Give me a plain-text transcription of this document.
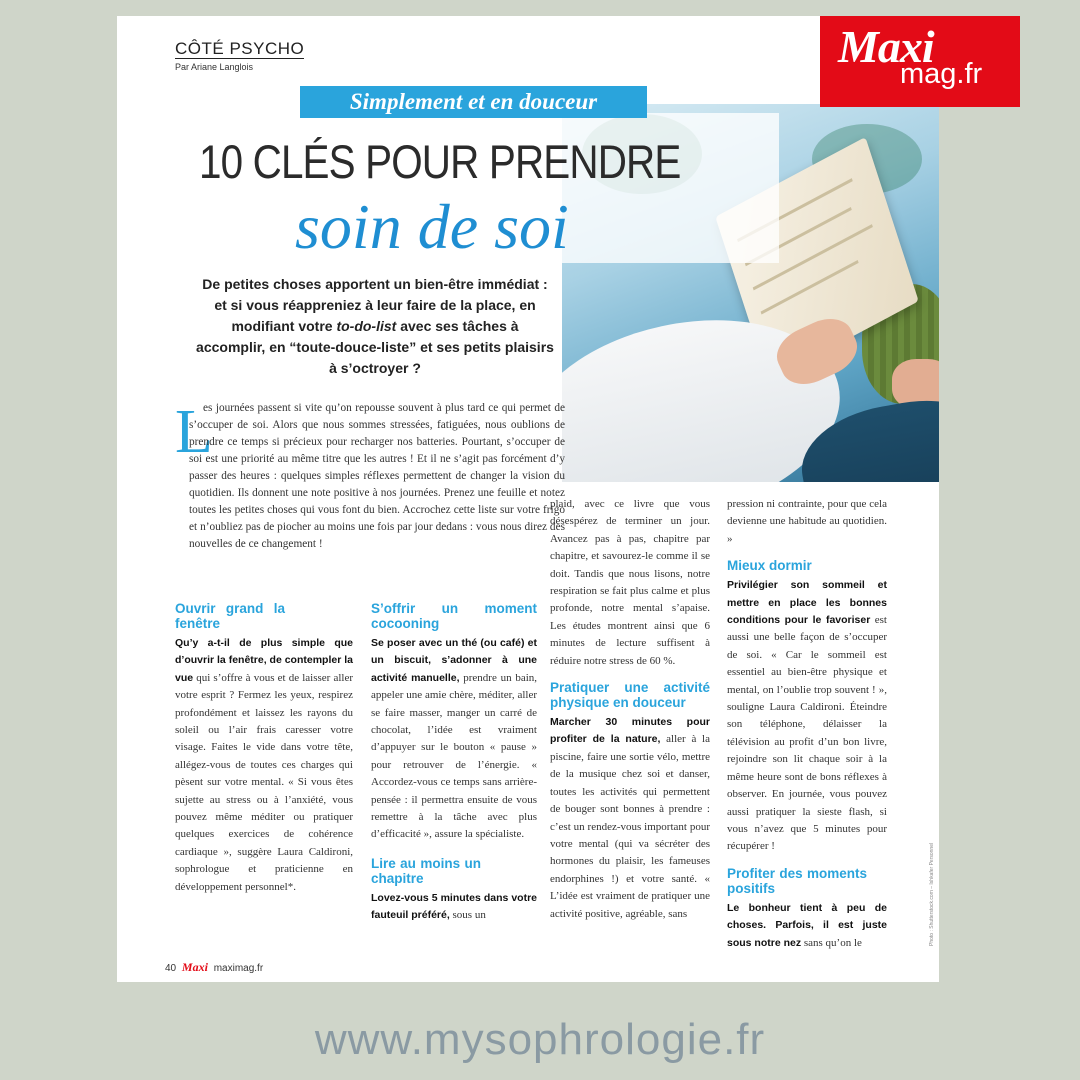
CÔTÉ PSYCHO
Par Ariane Langlois
Simplement et en douceur
10 CLÉS POUR PRENDRE
soin de soi
De petites choses apportent un bien-être immédiat : et si vous réappreniez à leur faire de la place, en modifiant votre to-do-list avec ses tâches à accomplir, en “toute-douce-liste” et ses petits plaisirs à s’octroyer ?
L

es journées passent si vite qu’on repousse souvent à plus tard ce qui permet de s’occuper de soi. Alors que nous sommes stressées, fatiguées, nous oublions de prendre ce temps si précieux pour recharger nos batteries. Pourtant, s’occuper de soi est une priorité au même titre que les autres ! Et il ne s’agit pas forcément d’y passer des heures : quelques simples réflexes permettent de changer la vision du quotidien. Ils donnent une note positive à nos journées. Prenez une feuille et notez toutes les petites choses qui vous font du bien. Accrochez cette liste sur votre frigo et n’oubliez pas de piocher au moins une fois par jour dedans : vous nous direz des nouvelles de ce changement !

Ouvrir grand la fenêtre

Qu’y a-t-il de plus simple que d’ouvrir la fenêtre, de contempler la vue qui s’offre à vous et de laisser aller votre esprit ? Fermez les yeux, respirez profondément et laissez les rayons du soleil ou l’air frais caresser votre visage. Faites le vide dans votre tête, allégez-vous de toutes ces charges qui pèsent sur votre mental. « Si vous êtes sujette au stress ou à l’anxiété, vous pouvez même méditer ou pratiquer quelques exercices de cohérence cardiaque », suggère Laura Caldironi, sophrologue et praticienne en développement personnel*.

S’offrir un moment cocooning

Se poser avec un thé (ou café) et un biscuit, s’adonner à une activité manuelle, prendre un bain, appeler une amie chère, méditer, aller se faire masser, manger un carré de chocolat, l’idée est vraiment d’appuyer sur le bouton « pause » pour retrouver de l’énergie. « Accordez-vous ce temps sans arrière-pensée : il permettra ensuite de vous remettre à la tâche avec plus d’efficacité », assure la spécialiste.

Lire au moins un chapitre

Lovez-vous 5 minutes dans votre fauteuil préféré, sous un

plaid, avec ce livre que vous désespérez de terminer un jour. Avancez pas à pas, chapitre par chapitre, et savourez-le comme il se doit. Tandis que nous lisons, notre respiration se fait plus calme et plus profonde, notre mental s’apaise. Les études montrent ainsi que 6 minutes de lecture suffisent à réduire notre stress de 60 %.

Pratiquer une activité physique en douceur

Marcher 30 minutes pour profiter de la nature, aller à la piscine, faire une sortie vélo, mettre de la musique chez soi et danser, toutes les activités qui permettent de bouger sont bonnes à prendre : c’est un rendez-vous important pour votre mental (qui va sécréter des hormones du plaisir, les fameuses endorphines !) et votre santé. « L’idée est vraiment de pratiquer une activité positive, agréable, sans

pression ni contrainte, pour que cela devienne une habitude au quotidien. »

Mieux dormir

Privilégier son sommeil et mettre en place les bonnes conditions pour le favoriser est aussi une belle façon de s’occuper de soi. « Car le sommeil est essentiel au bien-être physique et mental, on l’oublie trop souvent ! », souligne Laura Caldironi. Éteindre son téléphone, délaisser la télévision au profit d’un bon livre, rejoindre son lit chaque soir à la même heure sont de bons réflexes à observer. En journée, vous pouvez aussi pratiquer la sieste flash, si vous n’avez que 5 minutes pour récupérer !

Profiter des moments positifs

Le bonheur tient à peu de choses. Parfois, il est juste sous notre nez sans qu’on le	Photo : Shutterstock.com – Ishkafer Personnel
40 Maxi maximag.fr
Maxi
mag.fr
www.mysophrologie.fr
